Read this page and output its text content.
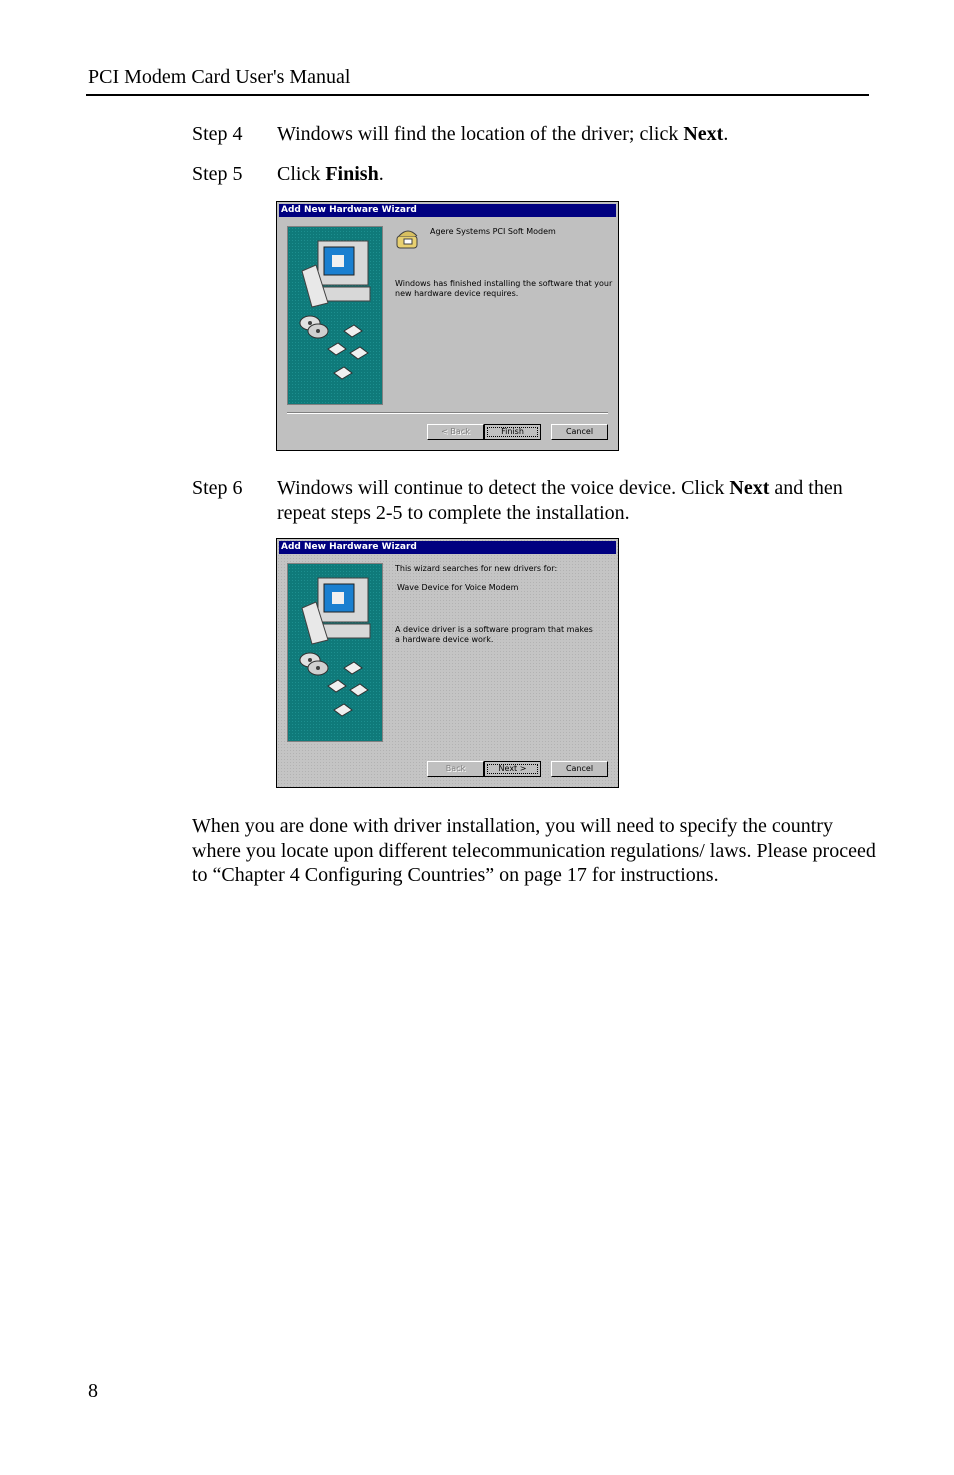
PCI Modem Card User's Manual
Step 4 Windows will find the location of the driver; click Next.
Step 5 Click Finish.
Add New Hardware Wizard
Agere Systems PCI Soft Modem
Windows has finished installing the software that your new hardware device requires.
< Back	Finish	Cancel
Step 6 Windows will continue to detect the voice device. Click Next and then repeat steps 2-5 to complete the installation.
Add New Hardware Wizard
This wizard searches for new drivers for:
Wave Device for Voice Modem
A device driver is a software program that makes a hardware device work.
Back	Next >	Cancel
When you are done with driver installation, you will need to specify the country where you locate upon different telecommunication regulations/ laws. Please proceed to “Chapter 4 Configuring Countries” on page 17 for instructions.
8
